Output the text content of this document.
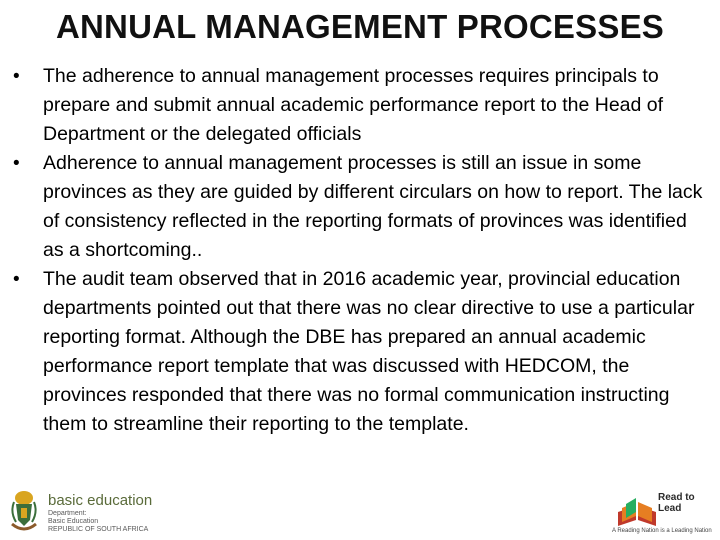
ANNUAL MANAGEMENT PROCESSES
• The adherence to annual management processes requires principals to prepare and submit annual academic performance report to the Head of Department or the delegated officials
• Adherence to annual management processes is still an issue in some provinces as they are guided by different circulars on how to report. The lack of consistency reflected in the reporting formats of provinces was identified as a shortcoming..
• The audit team observed that in 2016 academic year, provincial education departments pointed out that there was no clear directive to use a particular reporting format. Although the DBE has prepared an annual academic performance report template that was discussed with HEDCOM, the provinces responded that there was no formal communication instructing them to streamline their reporting to the template.
basic education
Department:
Basic Education
REPUBLIC OF SOUTH AFRICA
Read to Lead
A Reading Nation is a Leading Nation
